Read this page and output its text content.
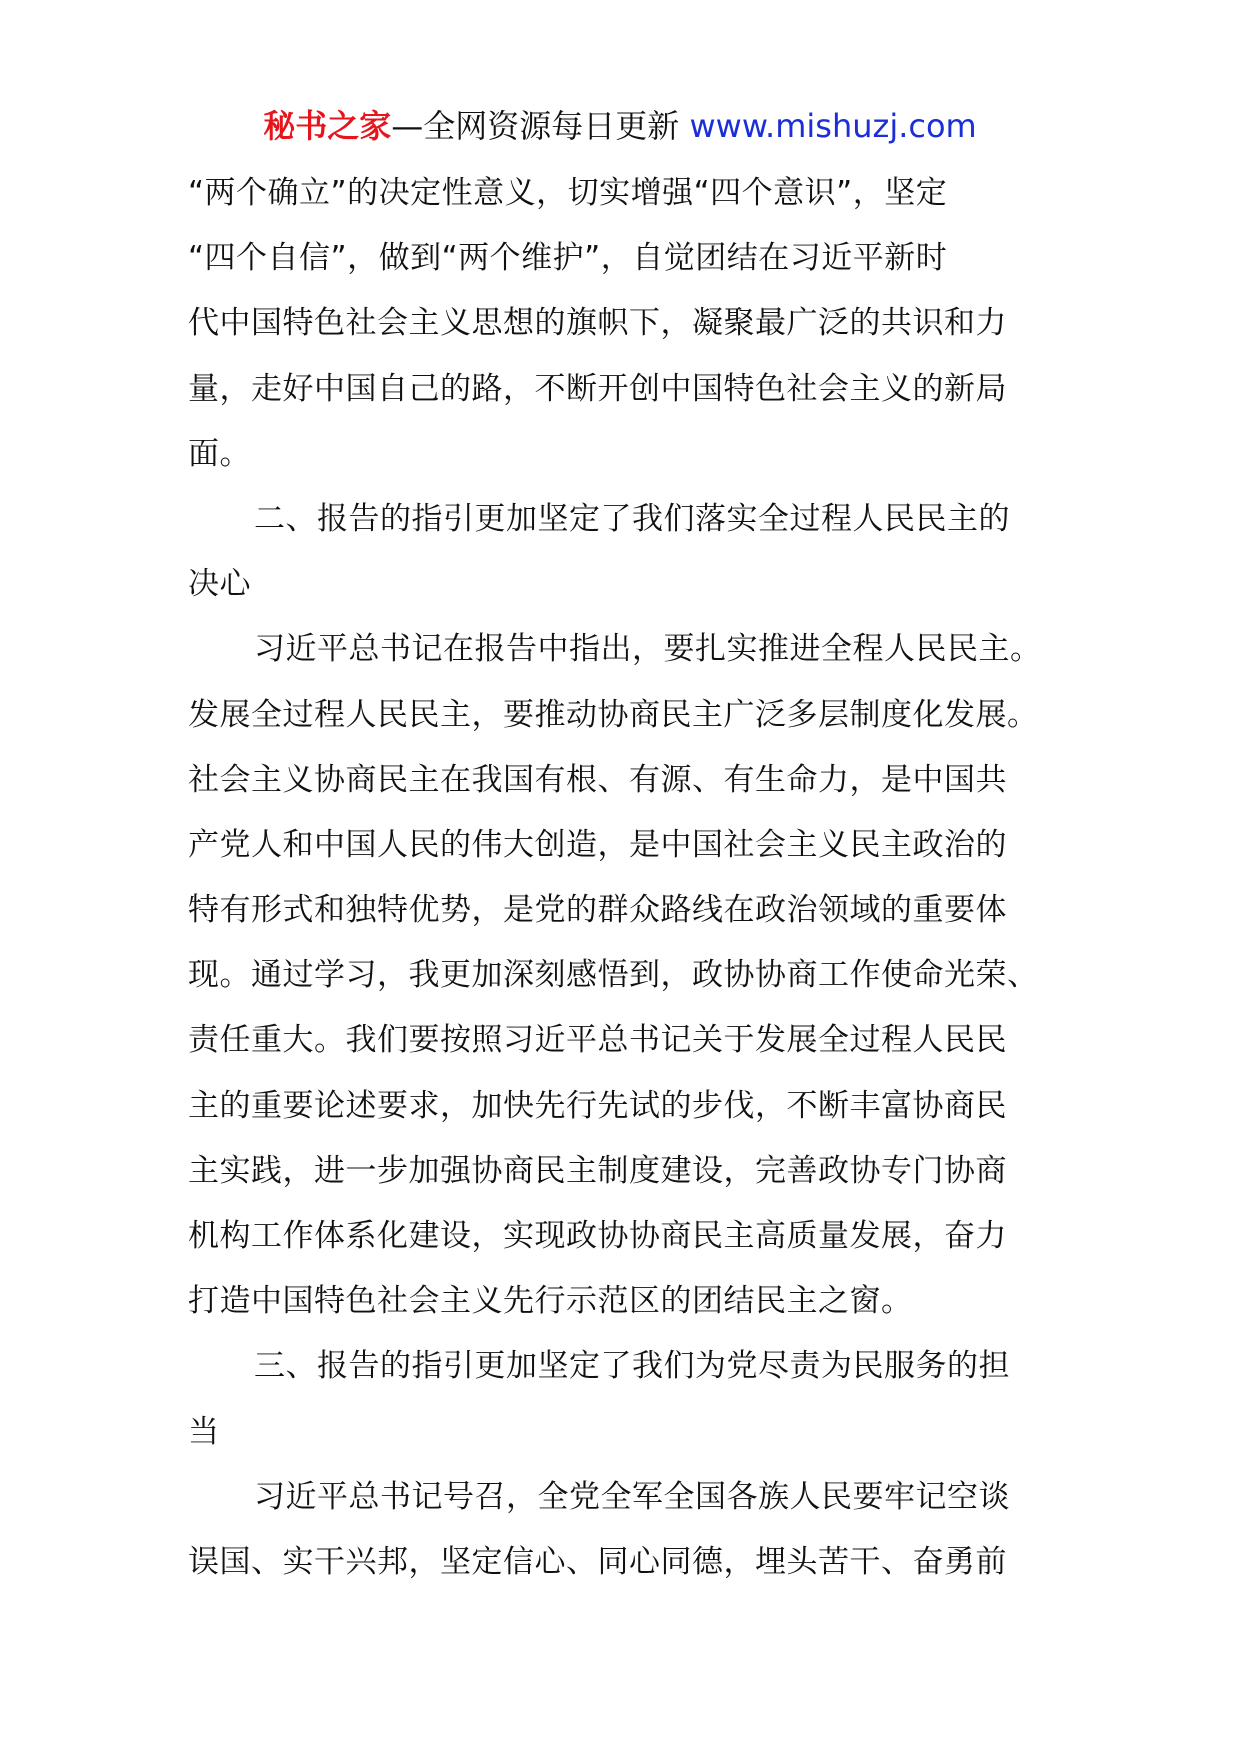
秘书之家—全网资源每日更新 www.mishuzj.com
“两个确立”的决定性意义，切实增强“四个意识”，坚定
“四个自信”，做到“两个维护”，自觉团结在习近平新时
代中国特色社会主义思想的旗帜下，凝聚最广泛的共识和力
量，走好中国自己的路，不断开创中国特色社会主义的新局
面。
二、报告的指引更加坚定了我们落实全过程人民民主的
决心
习近平总书记在报告中指出，要扎实推进全程人民民主。
发展全过程人民民主，要推动协商民主广泛多层制度化发展。
社会主义协商民主在我国有根、有源、有生命力，是中国共
产党人和中国人民的伟大创造，是中国社会主义民主政治的
特有形式和独特优势，是党的群众路线在政治领域的重要体
现。通过学习，我更加深刻感悟到，政协协商工作使命光荣、
责任重大。我们要按照习近平总书记关于发展全过程人民民
主的重要论述要求，加快先行先试的步伐，不断丰富协商民
主实践，进一步加强协商民主制度建设，完善政协专门协商
机构工作体系化建设，实现政协协商民主高质量发展，奋力
打造中国特色社会主义先行示范区的团结民主之窗。
三、报告的指引更加坚定了我们为党尽责为民服务的担
当
习近平总书记号召，全党全军全国各族人民要牢记空谈
误国、实干兴邦，坚定信心、同心同德，埋头苦干、奋勇前
